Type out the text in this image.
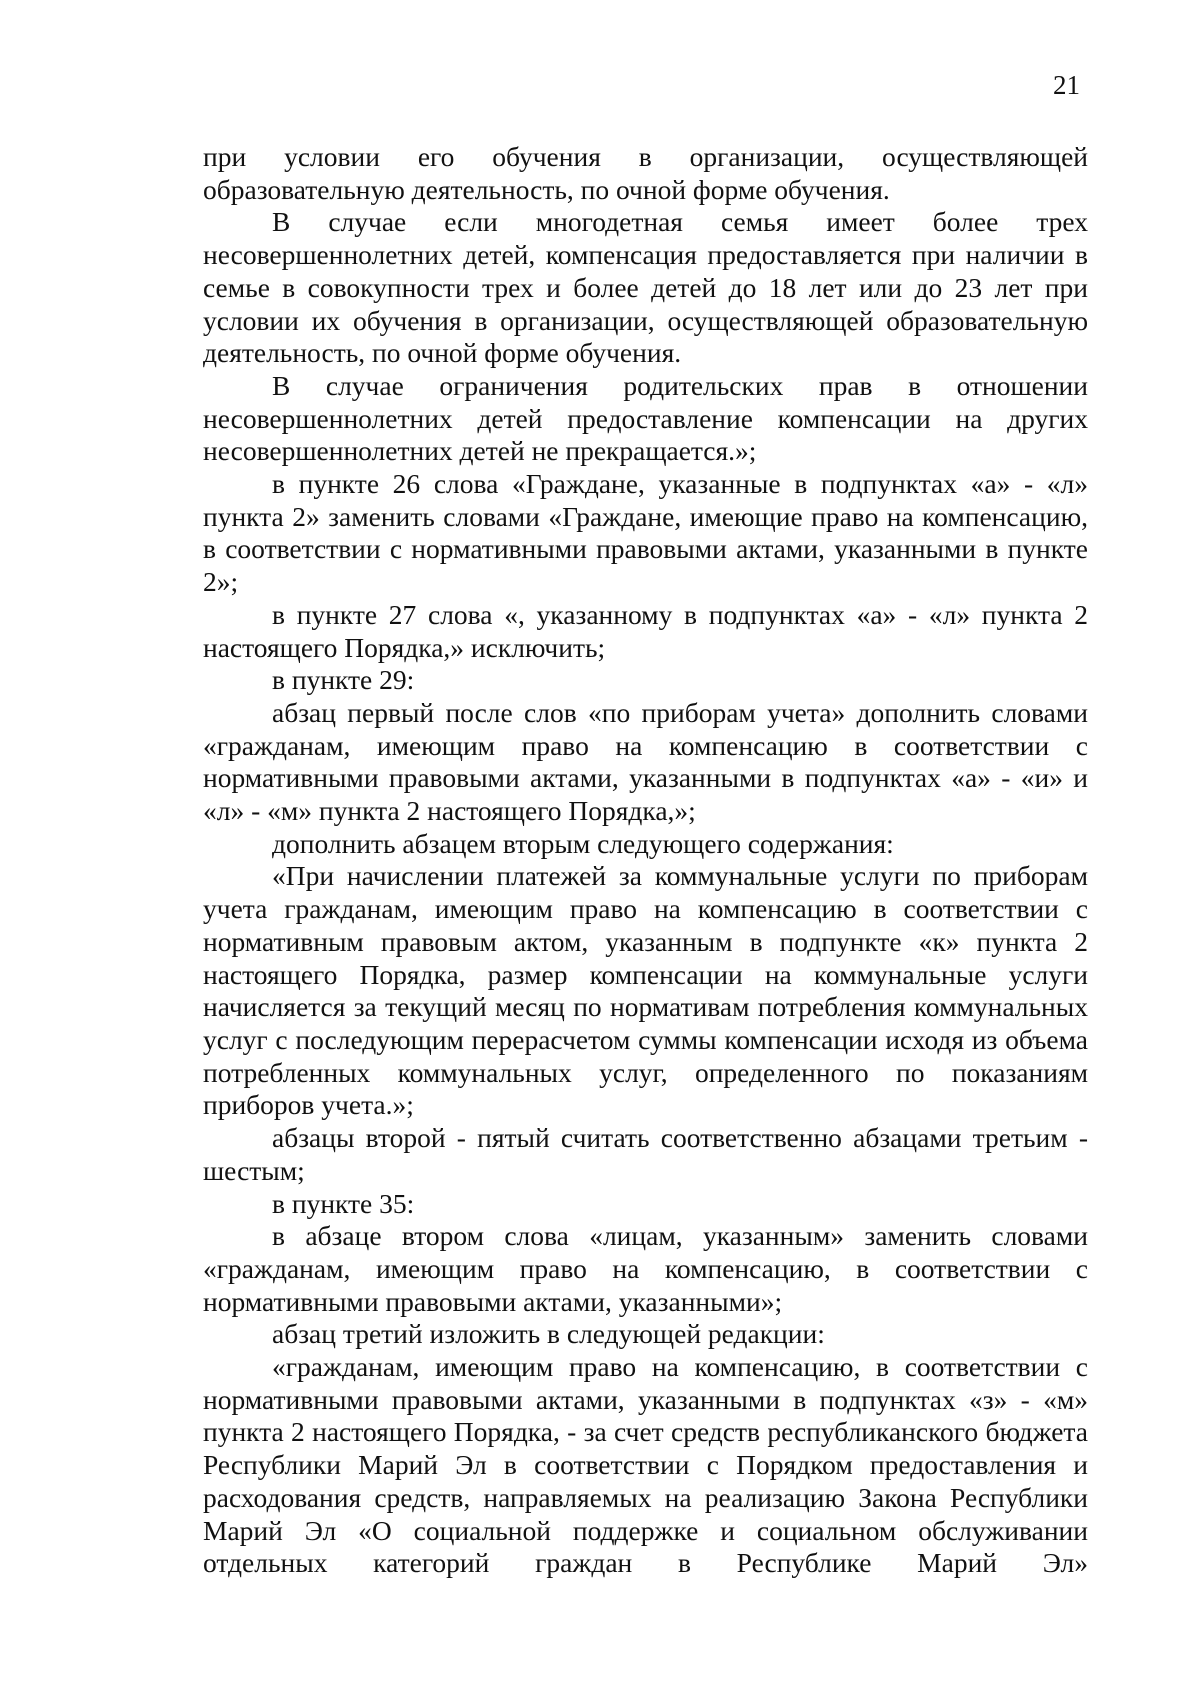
21

при условии его обучения в организации, осуществляющей образовательную деятельность, по очной форме обучения.

В случае если многодетная семья имеет более трех несовершеннолетних детей, компенсация предоставляется при наличии в семье в совокупности трех и более детей до 18 лет или до 23 лет при условии их обучения в организации, осуществляющей образовательную деятельность, по очной форме обучения.

В случае ограничения родительских прав в отношении несовершеннолетних детей предоставление компенсации на других несовершеннолетних детей не прекращается.»;

в пункте 26 слова «Граждане, указанные в подпунктах «а» - «л» пункта 2» заменить словами «Граждане, имеющие право на компенсацию, в соответствии с нормативными правовыми актами, указанными в пункте 2»;

в пункте 27 слова «, указанному в подпунктах «а» - «л» пункта 2 настоящего Порядка,» исключить;

в пункте 29:

абзац первый после слов «по приборам учета» дополнить словами «гражданам, имеющим право на компенсацию в соответствии с нормативными правовыми актами, указанными в подпунктах «а» - «и» и «л» - «м» пункта 2 настоящего Порядка,»;

дополнить абзацем вторым следующего содержания:

«При начислении платежей за коммунальные услуги по приборам учета гражданам, имеющим право на компенсацию в соответствии с нормативным правовым актом, указанным в подпункте «к» пункта 2 настоящего Порядка, размер компенсации на коммунальные услуги начисляется за текущий месяц по нормативам потребления коммунальных услуг с последующим перерасчетом суммы компенсации исходя из объема потребленных коммунальных услуг, определенного по показаниям приборов учета.»;

абзацы второй - пятый считать соответственно абзацами третьим - шестым;

в пункте 35:

в абзаце втором слова «лицам, указанным» заменить словами «гражданам, имеющим право на компенсацию, в соответствии с нормативными правовыми актами, указанными»;

абзац третий изложить в следующей редакции:

«гражданам, имеющим право на компенсацию, в соответствии с нормативными правовыми актами, указанными в подпунктах «з» - «м» пункта 2 настоящего Порядка, - за счет средств республиканского бюджета Республики Марий Эл в соответствии с Порядком предоставления и расходования средств, направляемых на реализацию Закона Республики Марий Эл «О социальной поддержке и социальном обслуживании отдельных категорий граждан в Республике Марий Эл»
